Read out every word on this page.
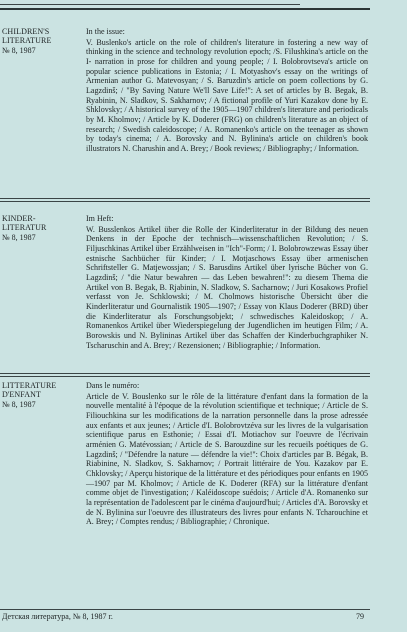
CHILDREN'S
LITERATURE
№ 8, 1987
In the issue:
V. Buslenko's article on the role of children's literature in fostering a new way of thinking in the science and technology revolution epoch; /S. Filushkina's article on the I- narration in prose for children and young people; / I. Bolobrovtseva's article on popular science publications in Estonia; / I. Motyashov's essay on the writings of Armenian author G. Matevosyan; / S. Baruzdin's article on poem collections by G. Lagzdinš; / "By Saving Nature We'll Save Life!": A set of articles by B. Begak, B. Ryabinin, N. Sladkov, S. Sakharnov; / A fictional profile of Yuri Kazakov done by E. Shklovsky; / A historical survey of the 1905—1907 children's literature and periodicals by M. Kholmov; / Article by K. Doderer (FRG) on children's literature as an object of research; / Swedish caleidoscope; / A. Romanenko's article on the teenager as shown by today's cinema; / A. Borovsky and N. Bylinina's article on children's book illustrators N. Charushin and A. Brey; / Book reviews; / Bibliography; / Information.
KINDER-
LITERATUR
№ 8, 1987
Im Heft:
W. Busslenkos Artikel über die Rolle der Kinderliteratur in der Bildung des neuen Denkens in der Epoche der technisch—wissenschaftlichen Revolution; / S. Filjuschkinas Artikel über Erzählweisen in "Ich"-Form; / I. Bolobrowzewas Essay über estnische Sachbücher für Kinder; / I. Motjaschows Essay über armenischen Schriftsteller G. Matjewossjan; / S. Barusdins Artikel über lyrische Bücher von G. Lagzdinš; / "die Natur bewahren — das Leben bewahren!": zu diesem Thema die Artikel von B. Begak, B. Rjabinin, N. Sladkow, S. Sacharnow; / Juri Kosakows Profiel verfasst von Je. Schklowski; / M. Cholmows historische Übersicht über die Kinderliteratur und Gournalistik 1905—1907; / Essay von Klaus Doderer (BRD) über die Kinderliteratur als Forschungsobjekt; / schwedisches Kaleidoskop; / A. Romanenkos Artikel über Wiederspiegelung der Jugendlichen im heutigen Film; / A. Borowskis und N. Bylininas Artikel über das Schaffen der Kinderbuchgraphiker N. Tscharuschin and A. Brey; / Rezensionen; / Bibliographie; / Information.
LITTERATURE
D'ENFANT
№ 8, 1987
Dans le numéro:
Article de V. Bouslenko sur le rôle de la littérature d'enfant dans la formation de la nouvelle mentalité à l'époque de la révolution scientifique et technique; / Article de S. Filiouchkina sur les modifications de la narration personnelle dans la prose adressée aux enfants et aux jeunes; / Article d'I. Bolobrovtzéva sur les livres de la vulgarisation scientifique parus en Esthonie; / Essai d'I. Motiachov sur l'oeuvre de l'écrivain arménien G. Matévossian; / Article de S. Barouzdine sur les recueils poétiques de G. Lagzdinš; / "Défendre la nature — défendre la vie!": Choix d'articles par B. Bégak, B. Riabinine, N. Sladkov, S. Sakharnov; / Portrait littéraire de You. Kazakov par E. Chklovsky; / Aperçu historique de la littérature et des périodiques pour enfants en 1905—1907 par M. Kholmov; / Article de K. Doderer (RFA) sur la littérature d'enfant comme objet de l'investigation; / Kaléidoscope suédois; / Article d'A. Romanenko sur la représentation de l'adolescent par le cinéma d'aujourd'hui; / Articles d'A. Borovsky et de N. Bylinina sur l'oeuvre des illustrateurs des livres pour enfants N. Tcharouchine et A. Brey; / Comptes rendus; / Bibliographie; / Chronique.
Детская литература, № 8, 1987 г.	79
